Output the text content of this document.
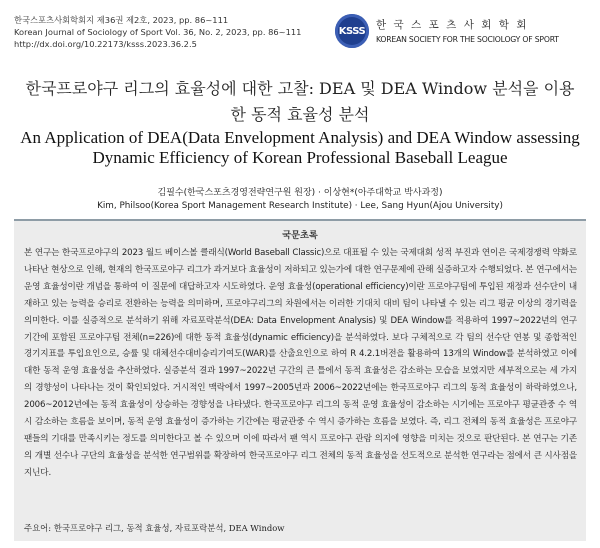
한국스포츠사회학회지 제36권 제2호, 2023, pp. 86~111
Korean Journal of Sociology of Sport Vol. 36, No. 2, 2023, pp. 86~111
http://dx.doi.org/10.22173/ksss.2023.36.2.5
KSSS	한국스포츠사회학회
KOREAN SOCIETY FOR THE SOCIOLOGY OF SPORT
한국프로야구 리그의 효율성에 대한 고찰: DEA 및 DEA Window 분석을 이용한 동적 효율성 분석
An Application of DEA(Data Envelopment Analysis) and DEA Window assessing Dynamic Efficiency of Korean Professional Baseball League
김필수(한국스포츠경영전략연구원 원장) · 이상현*(아주대학교 박사과정)
Kim, Philsoo(Korea Sport Management Research Institute) · Lee, Sang Hyun(Ajou University)
국문초록
본 연구는 한국프로야구의 2023 월드 베이스볼 클래식(World Baseball Classic)으로 대표될 수 있는 국제대회 성적 부진과 연이은 국제경쟁력 약화로 나타난 현상으로 인해, 현재의 한국프로야구 리그가 과거보다 효율성이 저하되고 있는가에 대한 연구문제에 관해 실증하고자 수행되었다. 본 연구에서는 운영 효율성이란 개념을 통하여 이 질문에 대답하고자 시도하였다. 운영 효율성(operational efficiency)이란 프로야구팀에 투입된 재정과 선수단이 내재하고 있는 능력을 승리로 전환하는 능력을 의미하며, 프로야구리그의 차원에서는 이러한 기대치 대비 팀이 나타낼 수 있는 리그 평균 이상의 경기력을 의미한다. 이를 실증적으로 분석하기 위해 자료포락분석(DEA: Data Envelopment Analysis) 및 DEA Window를 적용하여 1997~2022년의 연구 기간에 포함된 프로야구팀 전체(n=226)에 대한 동적 효율성(dynamic efficiency)을 분석하였다. 보다 구체적으로 각 팀의 선수단 연봉 및 종합적인 경기지표를 투입요인으로, 승률 및 대체선수대비승리기여도(WAR)를 산출요인으로 하여 R 4.2.1버전을 활용하여 13개의 Window를 분석하였고 이에 대한 동적 운영 효율성을 추산하였다. 실증분석 결과 1997~2022년 구간의 큰 틀에서 동적 효율성은 감소하는 모습을 보였지만 세부적으로는 세 가지의 경향성이 나타나는 것이 확인되었다. 거시적인 맥락에서 1997~2005년과 2006~2022년에는 한국프로야구 리그의 동적 효율성이 하락하였으나, 2006~2012년에는 동적 효율성이 상승하는 경향성을 나타냈다. 한국프로야구 리그의 동적 운영 효율성이 감소하는 시기에는 프로야구 평균관중 수 역시 감소하는 흐름을 보이며, 동적 운영 효율성이 증가하는 기간에는 평균관중 수 역시 증가하는 흐름을 보였다. 즉, 리그 전체의 동적 효율성은 프로야구 팬들의 기대를 만족시키는 정도를 의미한다고 볼 수 있으며 이에 따라서 팬 역시 프로야구 관람 의지에 영향을 미치는 것으로 판단된다. 본 연구는 기존의 개별 선수나 구단의 효율성을 분석한 연구범위를 확장하여 한국프로야구 리그 전체의 동적 효율성을 선도적으로 분석한 연구라는 점에서 큰 시사점을 지닌다.
주요어: 한국프로야구 리그, 동적 효율성, 자료포락분석, DEA Window
